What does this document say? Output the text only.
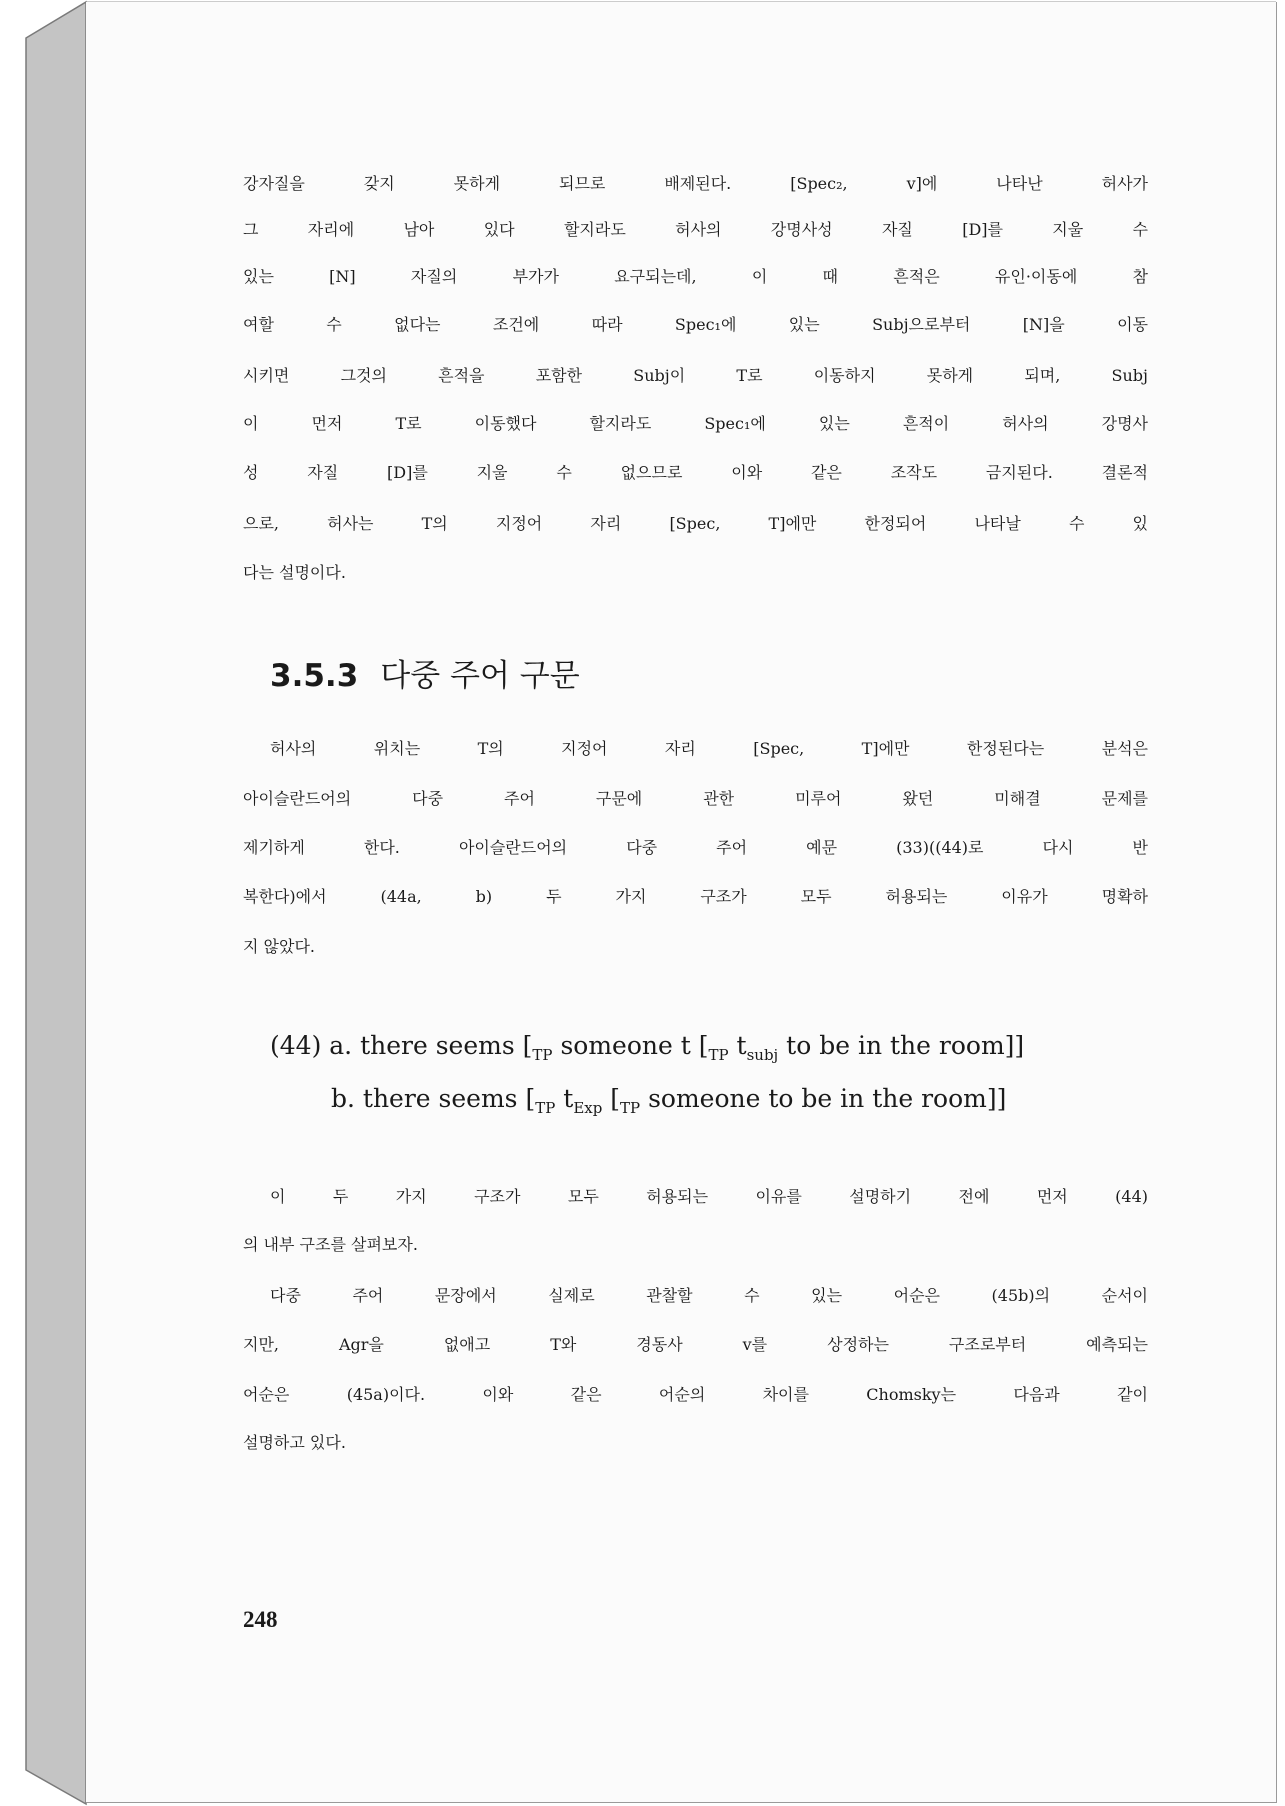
강자질을 갖지 못하게 되므로 배제된다. [Spec₂, v]에 나타난 허사가
그 자리에 남아 있다 할지라도 허사의 강명사성 자질 [D]를 지울 수
있는 [N] 자질의 부가가 요구되는데, 이 때 흔적은 유인·이동에 참
여할 수 없다는 조건에 따라 Spec₁에 있는 Subj으로부터 [N]을 이동
시키면 그것의 흔적을 포함한 Subj이 T로 이동하지 못하게 되며, Subj
이 먼저 T로 이동했다 할지라도 Spec₁에 있는 흔적이 허사의 강명사
성 자질 [D]를 지울 수 없으므로 이와 같은 조작도 금지된다. 결론적
으로, 허사는 T의 지정어 자리 [Spec, T]에만 한정되어 나타날 수 있
다는 설명이다.
3.5.3 다중 주어 구문
허사의 위치는 T의 지정어 자리 [Spec, T]에만 한정된다는 분석은
아이슬란드어의 다중 주어 구문에 관한 미루어 왔던 미해결 문제를
제기하게 한다. 아이슬란드어의 다중 주어 예문 (33)((44)로 다시 반
복한다)에서 (44a, b) 두 가지 구조가 모두 허용되는 이유가 명확하
지 않았다.
(44) a. there seems [$_{TP}$ someone t [$_{TP}$ $t_{subj}$ to be in the room]]
b. there seems [$_{TP}$ $t_{Exp}$ [$_{TP}$ someone to be in the room]]
이 두 가지 구조가 모두 허용되는 이유를 설명하기 전에 먼저 (44)
의 내부 구조를 살펴보자.
다중 주어 문장에서 실제로 관찰할 수 있는 어순은 (45b)의 순서이
지만, Agr을 없애고 T와 경동사 v를 상정하는 구조로부터 예측되는
어순은 (45a)이다. 이와 같은 어순의 차이를 Chomsky는 다음과 같이
설명하고 있다.
248
